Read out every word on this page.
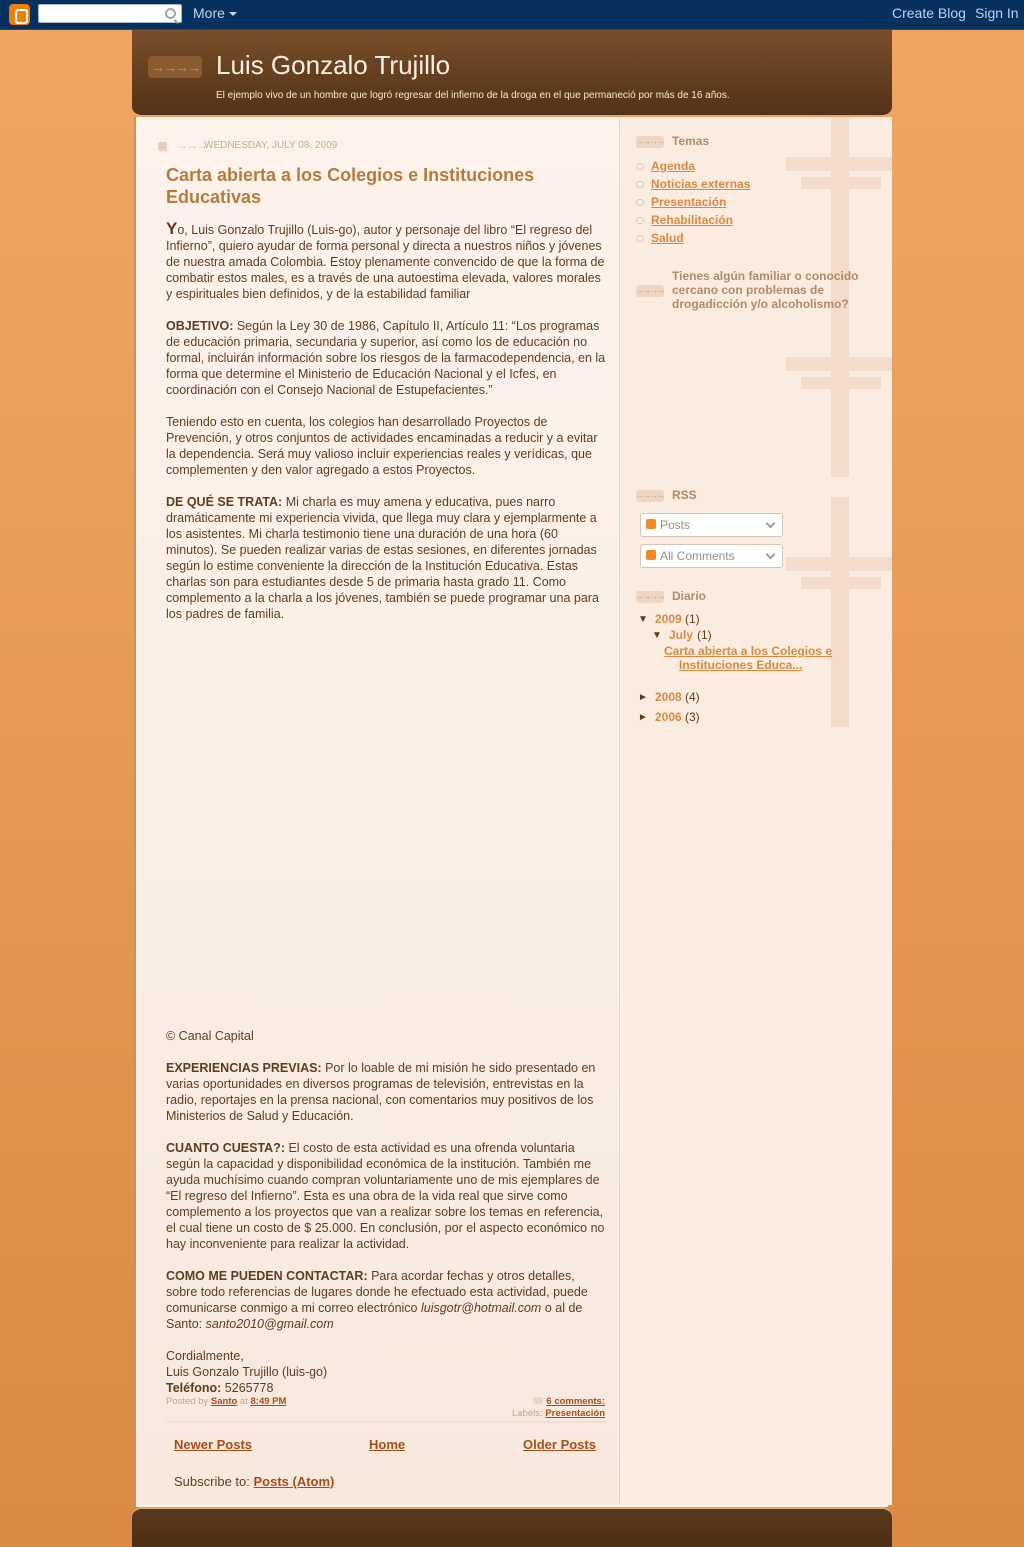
More	Create Blog Sign In
→→→→ Luis Gonzalo Trujillo

El ejemplo vivo de un hombre que logró regresar del infierno de la droga en el que permaneció por más de 16 años.

→→→
WEDNESDAY, JULY 08, 2009
Carta abierta a los Colegios e Instituciones Educativas

Yo, Luis Gonzalo Trujillo (Luis-go), autor y personaje del libro “El regreso del Infierno”, quiero ayudar de forma personal y directa a nuestros niños y jóvenes de nuestra amada Colombia. Estoy plenamente convencido de que la forma de combatir estos males, es a través de una autoestima elevada, valores morales y espirituales bien definidos, y de la estabilidad familiar

OBJETIVO: Según la Ley 30 de 1986, Capítulo II, Artículo 11: “Los programas de educación primaria, secundaria y superior, así como los de educación no formal, incluirán información sobre los riesgos de la farmacodependencia, en la forma que determine el Ministerio de Educación Nacional y el Icfes, en coordinación con el Consejo Nacional de Estupefacientes.”

Teniendo esto en cuenta, los colegios han desarrollado Proyectos de Prevención, y otros conjuntos de actividades encaminadas a reducir y a evitar la dependencia. Será muy valioso incluir experiencias reales y verídicas, que complementen y den valor agregado a estos Proyectos.

DE QUÉ SE TRATA: Mi charla es muy amena y educativa, pues narro dramáticamente mi experiencia vivida, que llega muy clara y ejemplarmente a los asistentes. Mi charla testimonio tiene una duración de una hora (60 minutos). Se pueden realizar varias de estas sesiones, en diferentes jornadas según lo estime conveniente la dirección de la Institución Educativa. Estas charlas son para estudiantes desde 5 de primaria hasta grado 11. Como complemento a la charla a los jóvenes, también se puede programar una para los padres de familia.

© Canal Capital

EXPERIENCIAS PREVIAS: Por lo loable de mi misión he sido presentado en varias oportunidades en diversos programas de televisión, entrevistas en la radio, reportajes en la prensa nacional, con comentarios muy positivos de los Ministerios de Salud y Educación.

CUANTO CUESTA?: El costo de esta actividad es una ofrenda voluntaria según la capacidad y disponibilidad económica de la institución. También me ayuda muchísimo cuando compran voluntariamente uno de mis ejemplares de “El regreso del Infierno”. Esta es una obra de la vida real que sirve como complemento a los proyectos que van a realizar sobre los temas en referencia, el cual tiene un costo de $ 25.000. En conclusión, por el aspecto económico no hay inconveniente para realizar la actividad.

COMO ME PUEDEN CONTACTAR: Para acordar fechas y otros detalles, sobre todo referencias de lugares donde he efectuado esta actividad, puede comunicarse conmigo a mi correo electrónico luisgotr@hotmail.com o al de Santo: santo2010@gmail.com

Cordialmente,
Luis Gonzalo Trujillo (luis-go)
Teléfono: 5265778
Posted by Santo at 8:49 PM	6 comments:
Labels: Presentación
Newer Posts	Home	Older Posts
Subscribe to: Posts (Atom)
→→→→ Temas
Agenda
Noticias externas
Presentación
Rehabilitación
Salud
→→→→
Tienes algún familiar o conocido cercano con problemas de drogadicción y/o alcoholismo?
→→→→ RSS
Posts
All Comments
→→→→ Diario
▼ 2009 (1)
▼ July (1)
Carta abierta a los Colegios e Instituciones Educa...
► 2008 (4)
► 2006 (3)
